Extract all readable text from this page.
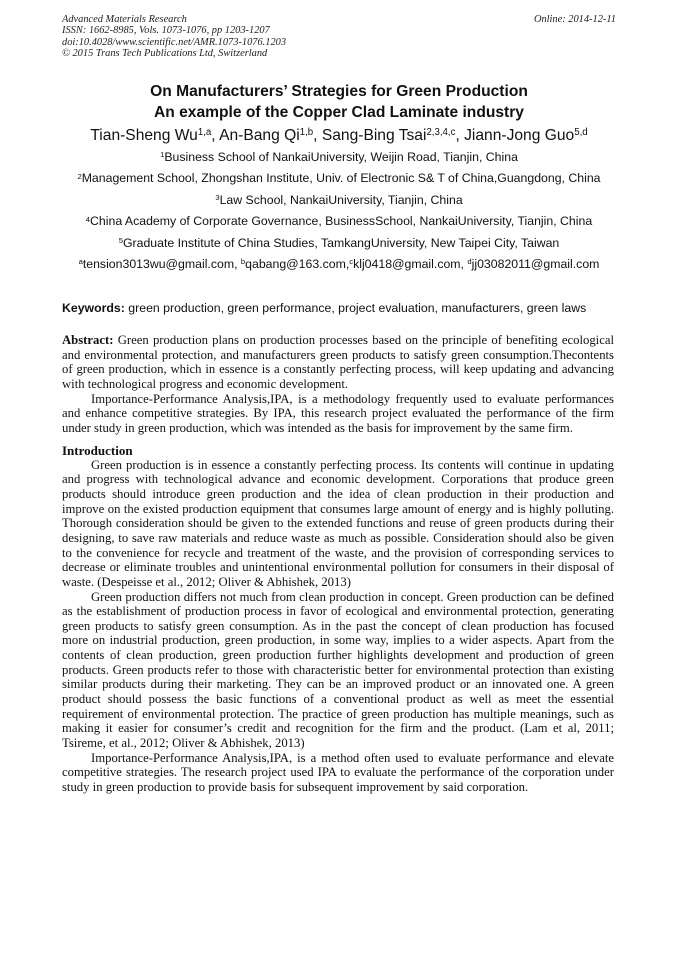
Advanced Materials Research
ISSN: 1662-8985, Vols. 1073-1076, pp 1203-1207
doi:10.4028/www.scientific.net/AMR.1073-1076.1203
© 2015 Trans Tech Publications Ltd, Switzerland
Online: 2014-12-11
On Manufacturers’ Strategies for Green Production
An example of the Copper Clad Laminate industry
Tian-Sheng Wu$^{1,a}$, An-Bang Qi$^{1,b}$, Sang-Bing Tsai$^{2,3,4,c}$, Jiann-Jong Guo$^{5,d}$
$^1$Business School of NankaiUniversity, Weijin Road, Tianjin, China
$^2$Management School, Zhongshan Institute, Univ. of Electronic S& T of China,Guangdong, China
$^3$Law School, NankaiUniversity, Tianjin, China
$^4$China Academy of Corporate Governance, BusinessSchool, NankaiUniversity, Tianjin, China
$^5$Graduate Institute of China Studies, TamkangUniversity, New Taipei City, Taiwan
$^a$tension3013wu@gmail.com, $^b$qabang@163.com,$^c$klj0418@gmail.com, $^d$jj03082011@gmail.com
Keywords: green production, green performance, project evaluation, manufacturers, green laws

Abstract: Green production plans on production processes based on the principle of benefiting ecological and environmental protection, and manufacturers green products to satisfy green consumption.Thecontents of green production, which in essence is a constantly perfecting process, will keep updating and advancing with technological progress and economic development.

Importance-Performance Analysis,IPA, is a methodology frequently used to evaluate performances and enhance competitive strategies. By IPA, this research project evaluated the performance of the firm under study in green production, which was intended as the basis for improvement by the same firm.

Introduction

Green production is in essence a constantly perfecting process. Its contents will continue in updating and progress with technological advance and economic development. Corporations that produce green products should introduce green production and the idea of clean production in their production and improve on the existed production equipment that consumes large amount of energy and is highly polluting. Thorough consideration should be given to the extended functions and reuse of green products during their designing, to save raw materials and reduce waste as much as possible. Consideration should also be given to the convenience for recycle and treatment of the waste, and the provision of corresponding services to decrease or eliminate troubles and unintentional environmental pollution for consumers in their disposal of waste. (Despeisse et al., 2012; Oliver & Abhishek, 2013)

Green production differs not much from clean production in concept. Green production can be defined as the establishment of production process in favor of ecological and environmental protection, generating green products to satisfy green consumption. As in the past the concept of clean production has focused more on industrial production, green production, in some way, implies to a wider aspects. Apart from the contents of clean production, green production further highlights development and production of green products. Green products refer to those with characteristic better for environmental protection than existing similar products during their marketing. They can be an improved product or an innovated one. A green product should possess the basic functions of a conventional product as well as meet the essential requirement of environmental protection. The practice of green production has multiple meanings, such as making it easier for consumer’s credit and recognition for the firm and the product. (Lam et al, 2011; Tsireme, et al., 2012; Oliver & Abhishek, 2013)

Importance-Performance Analysis,IPA, is a method often used to evaluate performance and elevate competitive strategies. The research project used IPA to evaluate the performance of the corporation under study in green production to provide basis for subsequent improvement by said corporation.
